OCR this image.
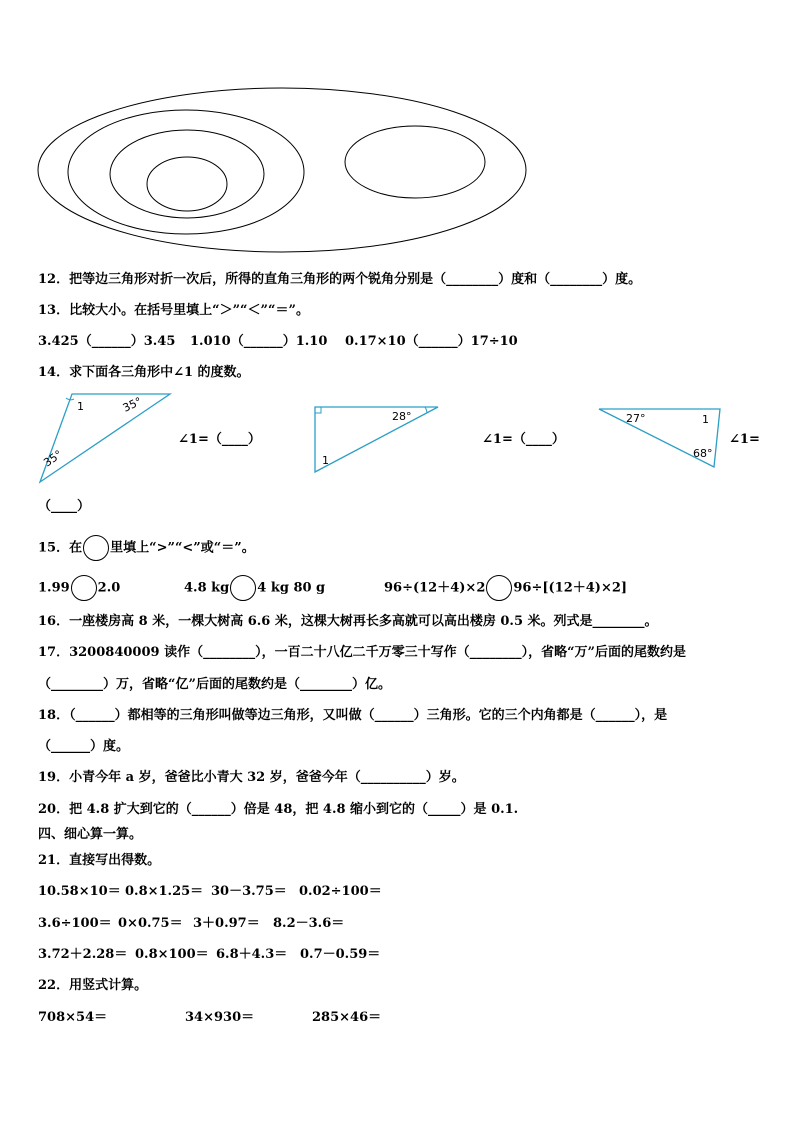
12．把等边三角形对折一次后，所得的直角三角形的两个锐角分别是（________）度和（________）度。
13．比较大小。在括号里填上“＞”“＜”“＝”。
3.425（______）3.45 1.010（______）1.10 0.17×10（______）17÷10
14．求下面各三角形中∠1 的度数。
1	35°
35°
28°
1
27°	1
68°
∠1=（____）	∠1=（____）	∠1=
（____）
15．在 里填上“>”“<”或“＝”。
1.99 2.0	4.8 kg 4 kg 80 g	96÷(12＋4)×2 96÷[(12＋4)×2]
16．一座楼房高 8 米，一棵大树高 6.6 米，这棵大树再长多高就可以高出楼房 0.5 米。列式是________。
17．3200840009 读作（________），一百二十八亿二千万零三十写作（________），省略“万”后面的尾数约是
（________）万，省略“亿”后面的尾数约是（________）亿。
18．（______）都相等的三角形叫做等边三角形，又叫做（______）三角形。它的三个内角都是（______），是
（______）度。
19．小青今年 a 岁，爸爸比小青大 32 岁，爸爸今年（__________）岁。
20．把 4.8 扩大到它的（______）倍是 48，把 4.8 缩小到它的（_____）是 0.1.
四、细心算一算。
21．直接写出得数。
10.58×10＝ 0.8×1.25＝ 30－3.75＝ 0.02÷100＝
3.6÷100＝ 0×0.75＝ 3＋0.97＝ 8.2－3.6＝
3.72＋2.28＝ 0.8×100＝ 6.8＋4.3＝ 0.7－0.59＝
22．用竖式计算。
708×54＝	34×930＝	285×46＝
